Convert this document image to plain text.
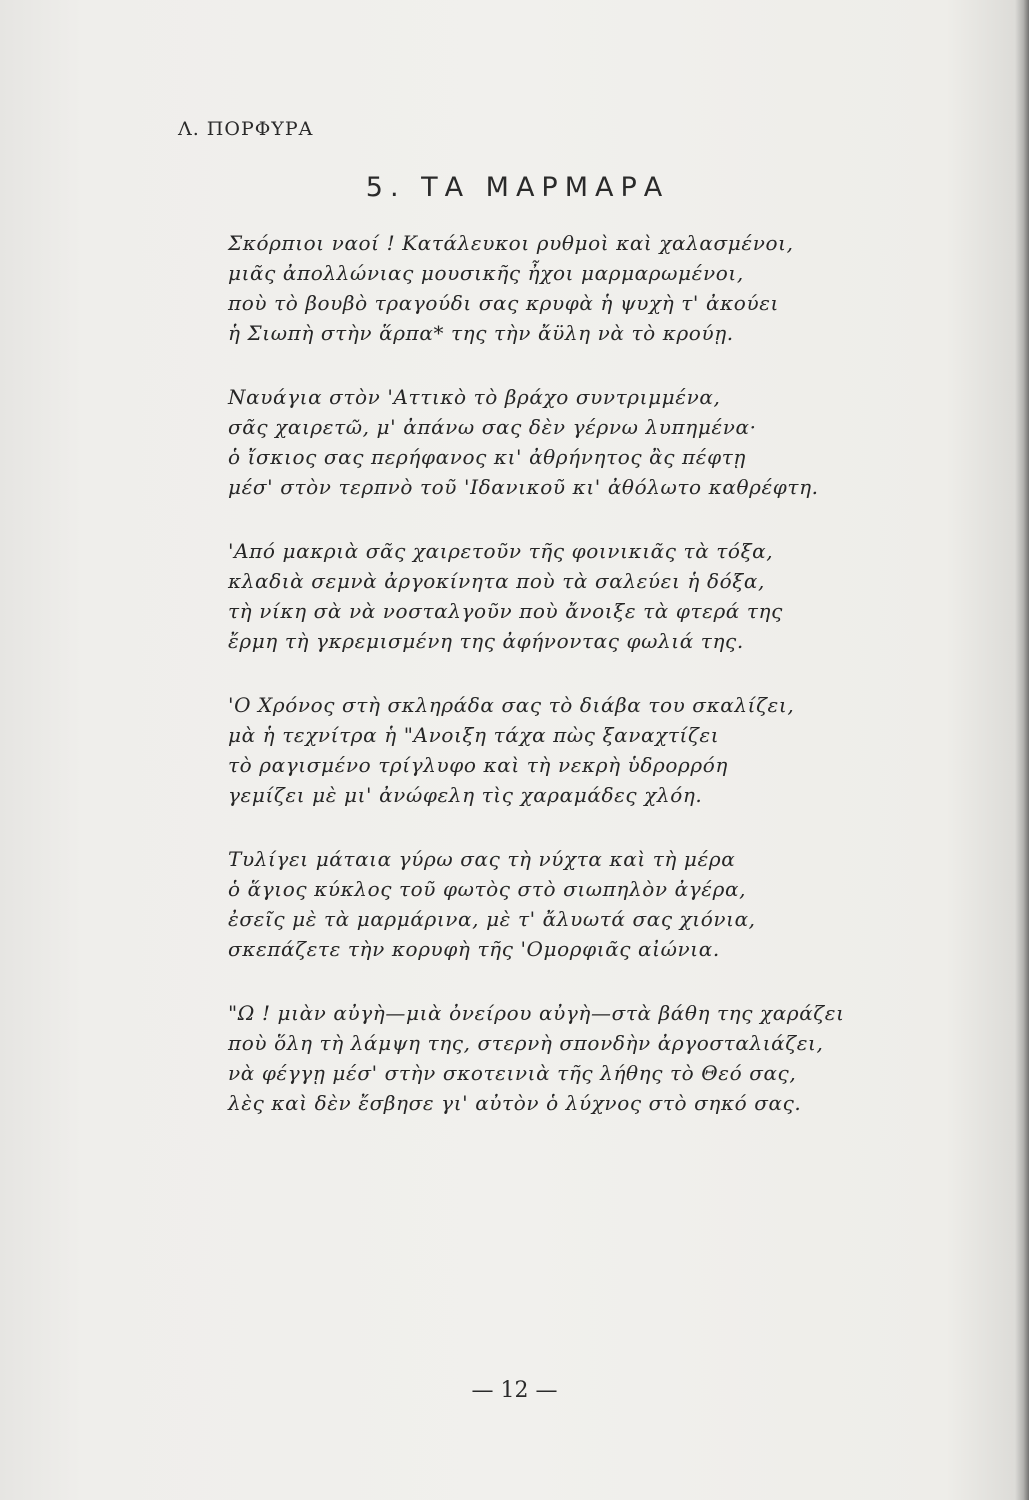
Λ. ΠΟΡΦΥΡΑ
5. ΤΑ ΜΑΡΜΑΡΑ
Σκόρπιοι ναοί ! Κατάλευκοι ρυθμοὶ καὶ χαλασμένοι,
μιᾶς ἀπολλώνιας μουσικῆς ἦχοι μαρμαρωμένοι,
ποὺ τὸ βουβὸ τραγούδι σας κρυφὰ ἡ ψυχὴ τ' ἀκούει
ἡ Σιωπὴ στὴν ἅρπα* της τὴν ἄϋλη νὰ τὸ κρούῃ.
Ναυάγια στὸν 'Αττικὸ τὸ βράχο συντριμμένα,
σᾶς χαιρετῶ, μ' ἀπάνω σας δὲν γέρνω λυπημένα·
ὁ ἴσκιος σας περήφανος κι' ἀθρήνητος ἂς πέφτῃ
μέσ' στὸν τερπνὸ τοῦ 'Ιδανικοῦ κι' ἀθόλωτο καθρέφτη.
'Από μακριὰ σᾶς χαιρετοῦν τῆς φοινικιᾶς τὰ τόξα,
κλαδιὰ σεμνὰ ἀργοκίνητα ποὺ τὰ σαλεύει ἡ δόξα,
τὴ νίκη σὰ νὰ νοσταλγοῦν ποὺ ἄνοιξε τὰ φτερά της
ἔρμη τὴ γκρεμισμένη της ἀφήνοντας φωλιά της.
'Ο Χρόνος στὴ σκληράδα σας τὸ διάβα του σκαλίζει,
μὰ ἡ τεχνίτρα ἡ "Ανοιξη τάχα πὼς ξαναχτίζει
τὸ ραγισμένο τρίγλυφο καὶ τὴ νεκρὴ ὑδρορρόη
γεμίζει μὲ μι' ἀνώφελη τὶς χαραμάδες χλόη.
Τυλίγει μάταια γύρω σας τὴ νύχτα καὶ τὴ μέρα
ὁ ἅγιος κύκλος τοῦ φωτὸς στὸ σιωπηλὸν ἀγέρα,
ἐσεῖς μὲ τὰ μαρμάρινα, μὲ τ' ἄλυωτά σας χιόνια,
σκεπάζετε τὴν κορυφὴ τῆς 'Ομορφιᾶς αἰώνια.
"Ω ! μιὰν αὐγὴ—μιὰ ὀνείρου αὐγὴ—στὰ βάθη της χαράζει
ποὺ ὅλη τὴ λάμψη της, στερνὴ σπονδὴν ἀργοσταλιάζει,
νὰ φέγγῃ μέσ' στὴν σκοτεινιὰ τῆς λήθης τὸ Θεό σας,
λὲς καὶ δὲν ἔσβησε γι' αὐτὸν ὁ λύχνος στὸ σηκό σας.
— 12 —
